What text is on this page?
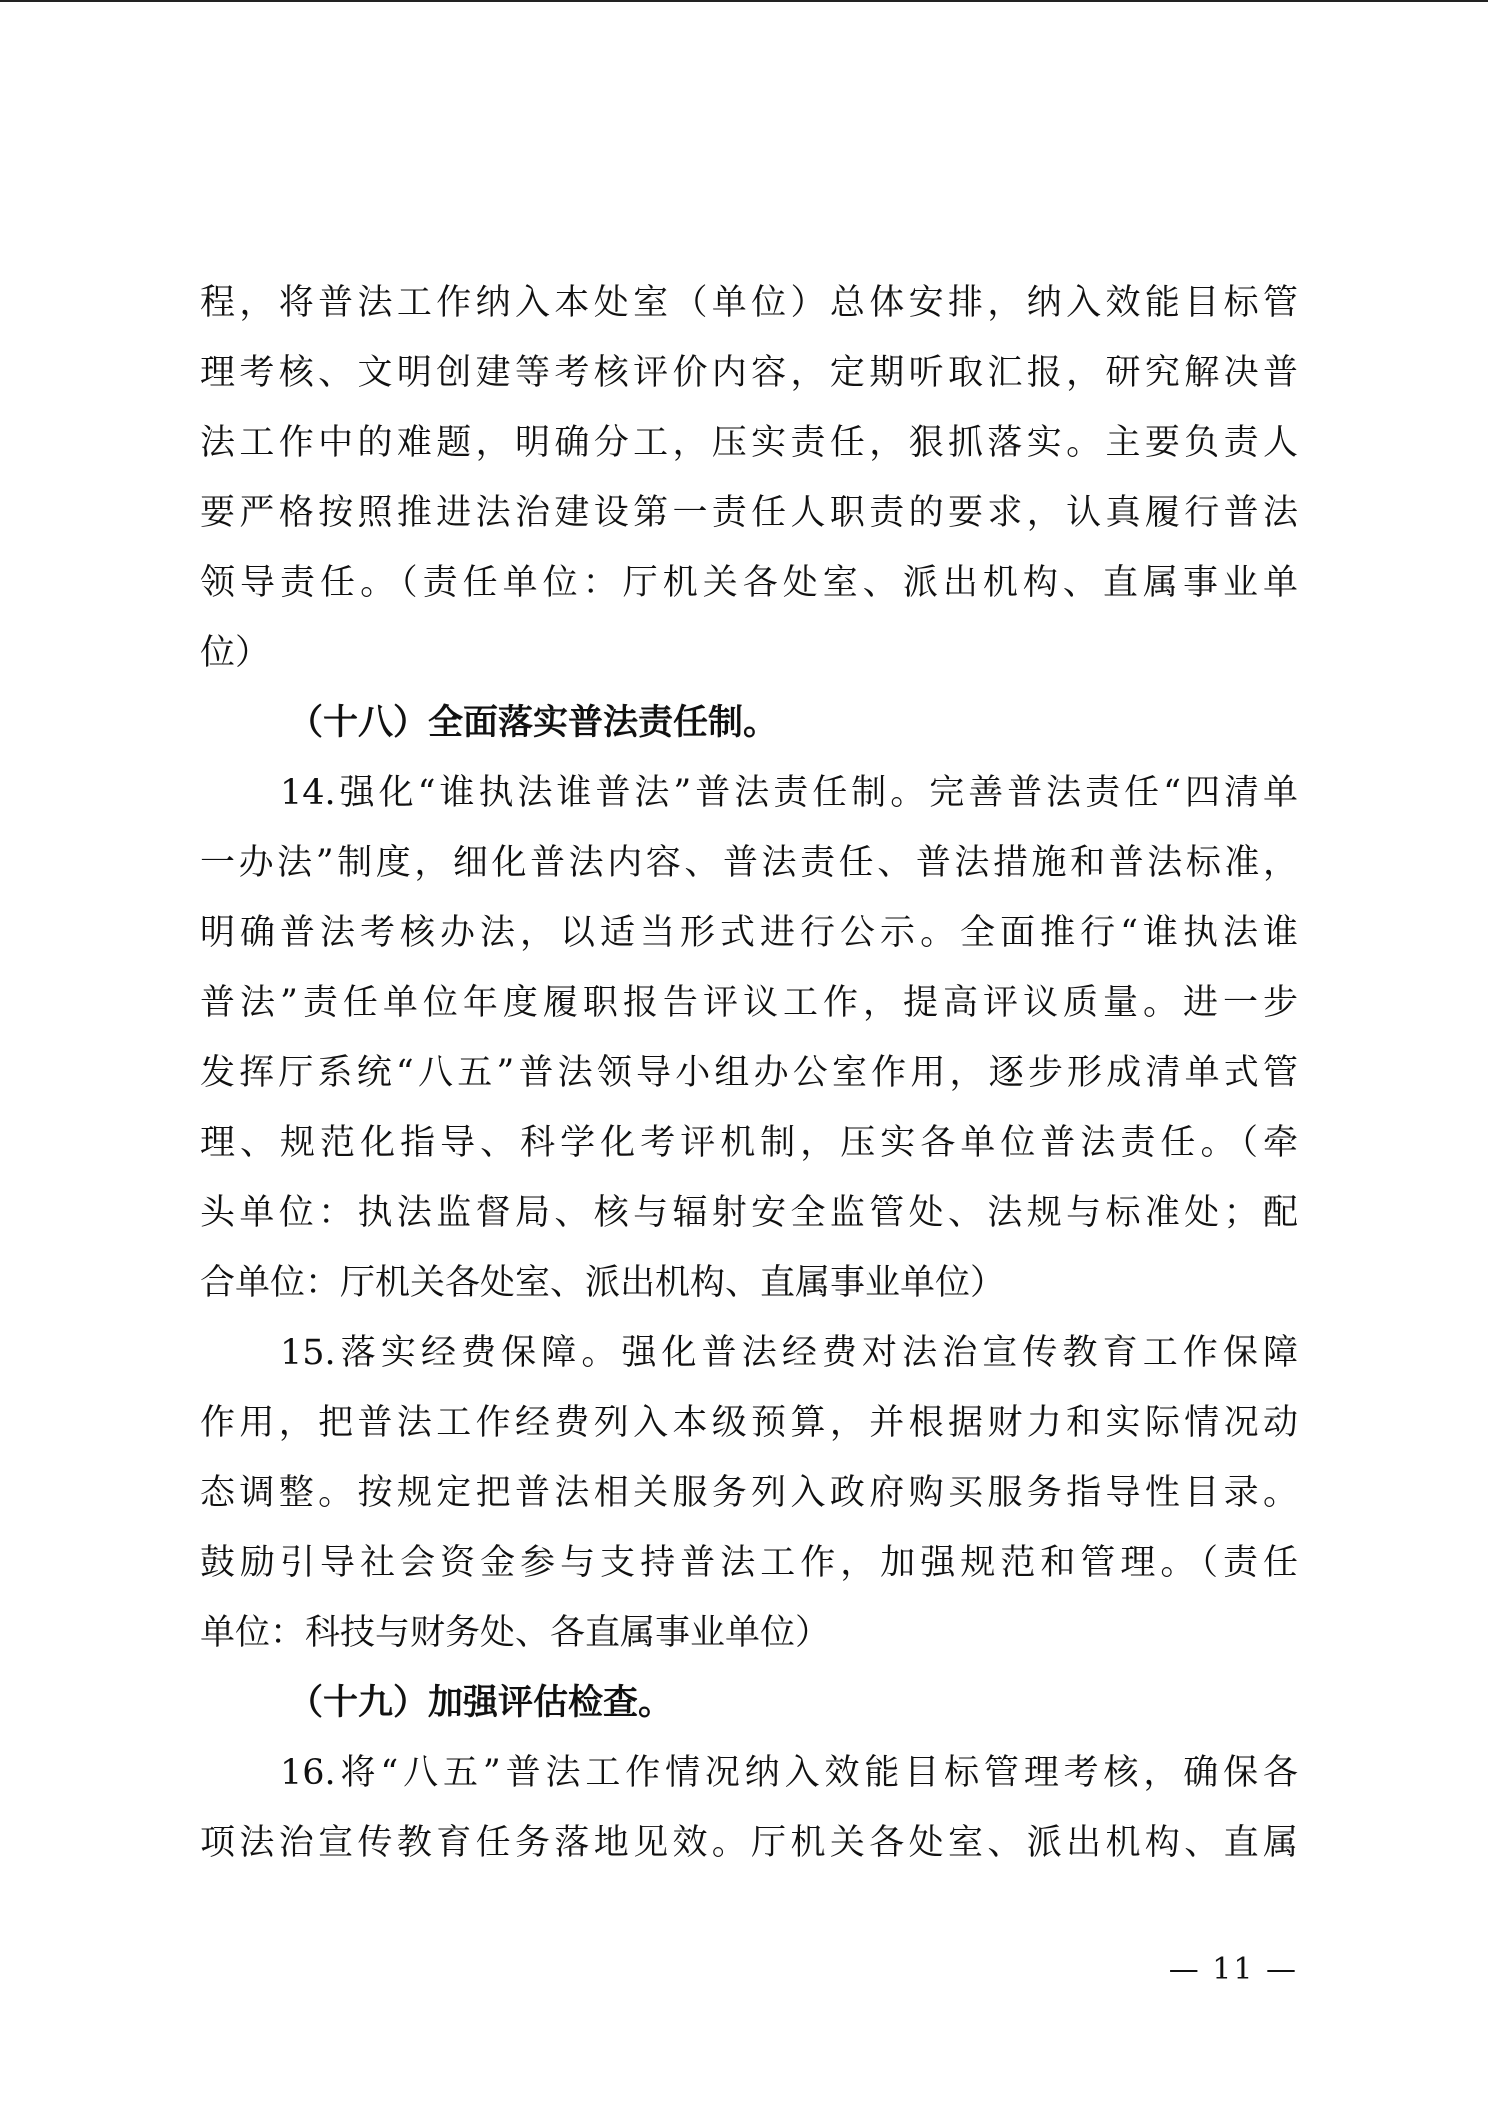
程，将普法工作纳入本处室（单位）总体安排，纳入效能目标管
理考核、文明创建等考核评价内容，定期听取汇报，研究解决普
法工作中的难题，明确分工，压实责任，狠抓落实。主要负责人
要严格按照推进法治建设第一责任人职责的要求，认真履行普法
领导责任。（责任单位：厅机关各处室、派出机构、直属事业单
位）
（十八）全面落实普法责任制。
14.强化“谁执法谁普法”普法责任制。完善普法责任“四清单
一办法”制度，细化普法内容、普法责任、普法措施和普法标准，
明确普法考核办法，以适当形式进行公示。全面推行“谁执法谁
普法”责任单位年度履职报告评议工作，提高评议质量。进一步
发挥厅系统“八五”普法领导小组办公室作用，逐步形成清单式管
理、规范化指导、科学化考评机制，压实各单位普法责任。（牵
头单位：执法监督局、核与辐射安全监管处、法规与标准处；配
合单位：厅机关各处室、派出机构、直属事业单位）
15.落实经费保障。强化普法经费对法治宣传教育工作保障
作用，把普法工作经费列入本级预算，并根据财力和实际情况动
态调整。按规定把普法相关服务列入政府购买服务指导性目录。
鼓励引导社会资金参与支持普法工作，加强规范和管理。（责任
单位：科技与财务处、各直属事业单位）
（十九）加强评估检查。
16.将“八五”普法工作情况纳入效能目标管理考核，确保各
项法治宣传教育任务落地见效。厅机关各处室、派出机构、直属
— 11 —
